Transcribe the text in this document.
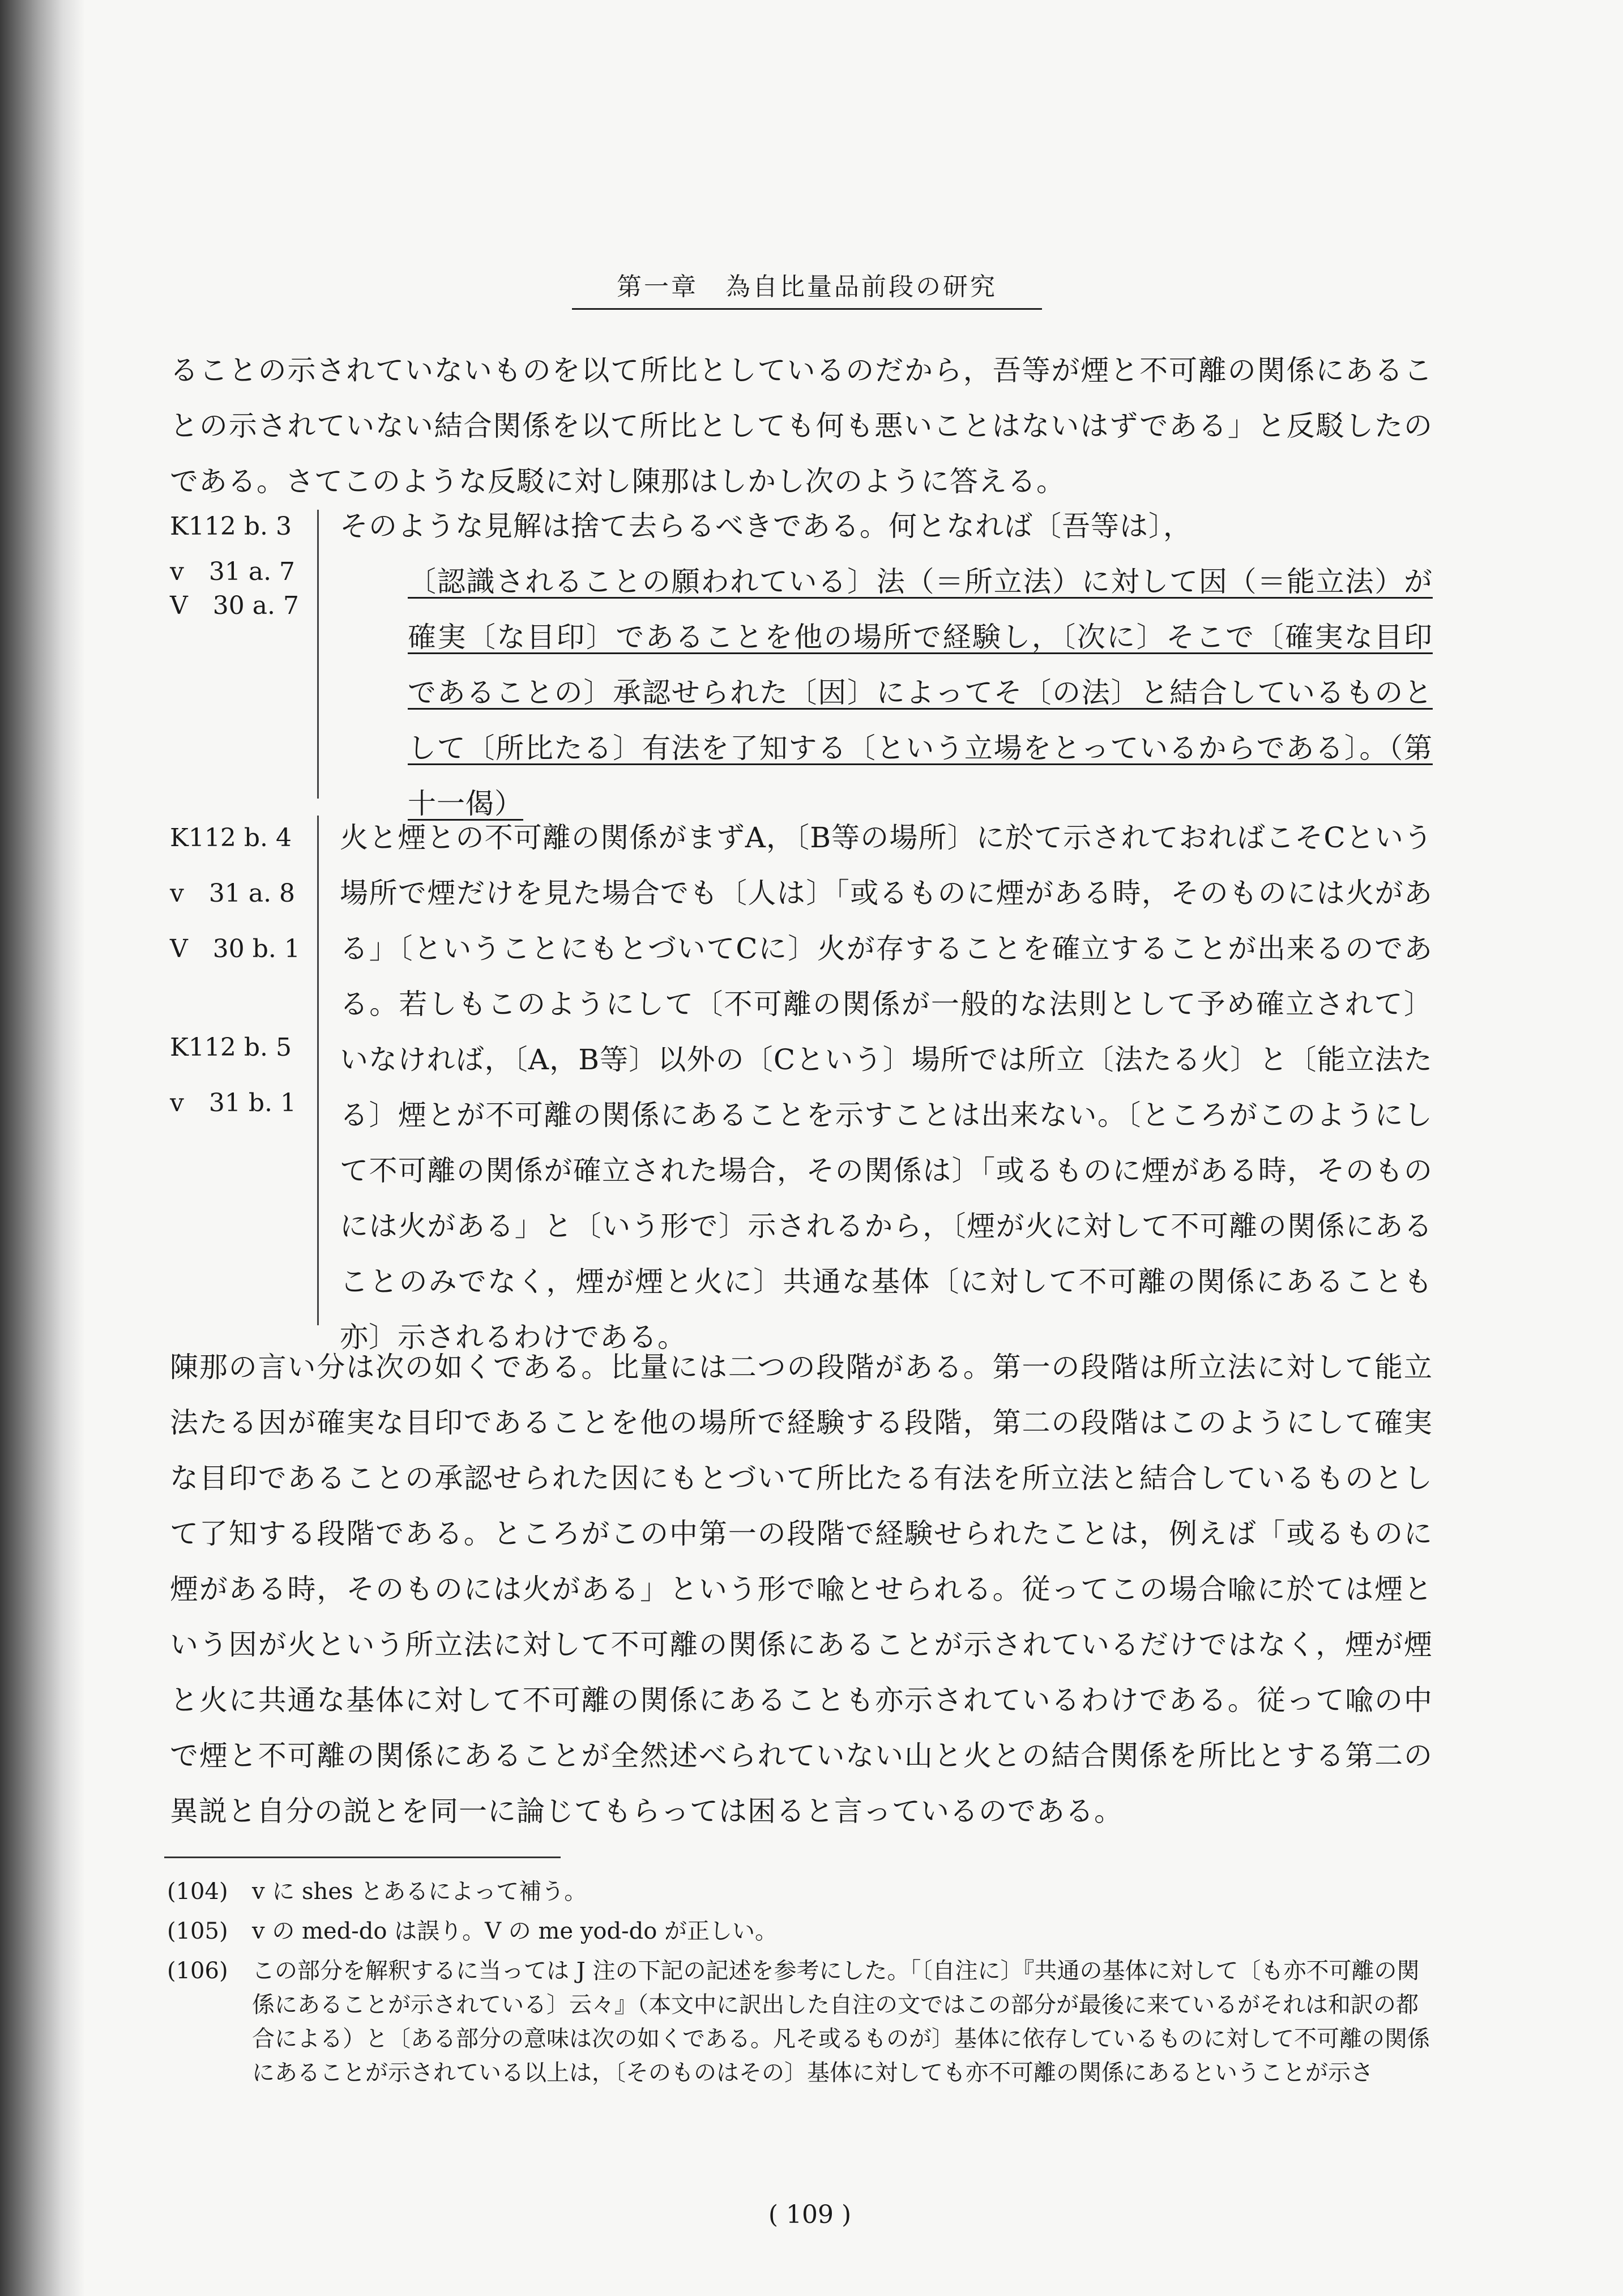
第一章　為自比量品前段の研究

ることの示されていないものを以て所比としているのだから，吾等が煙と不可離の関係にあることの示されていない結合関係を以て所比としても何も悪いことはないはずである」と反駁したのである。さてこのような反駁に対し陳那はしかし次のように答える。

K112 b. 3
v　31 a. 7
V　30 a. 7

そのような見解は捨て去らるべきである。何となれば〔吾等は〕，

〔認識されることの願われている〕法（＝所立法）に対して因（＝能立法）が確実〔な目印〕であることを他の場所で経験し，〔次に〕そこで〔確実な目印であることの〕承認せられた〔因〕によってそ〔の法〕と結合しているものとして〔所比たる〕有法を了知する〔という立場をとっているからである〕。（第十一偈）

K112 b. 4
v　31 a. 8
V　30 b. 1
K112 b. 5
v　31 b. 1

火と煙との不可離の関係がまずA，〔B等の場所〕に於て示されておればこそCという場所で煙だけを見た場合でも〔人は〕「或るものに煙がある時，そのものには火がある」〔ということにもとづいてCに〕火が存することを確立することが出来るのである。若しもこのようにして〔不可離の関係が一般的な法則として予め確立されて〕いなければ，〔A，B等〕以外の〔Cという〕場所では所立〔法たる火〕と〔能立法たる〕煙とが不可離の関係にあることを示すことは出来ない。〔ところがこのようにして不可離の関係が確立された場合，その関係は〕「或るものに煙がある時，そのものには火がある」と〔いう形で〕示されるから，〔煙が火に対して不可離の関係にあることのみでなく，煙が煙と火に〕共通な基体〔に対して不可離の関係にあることも亦〕示されるわけである。

陳那の言い分は次の如くである。比量には二つの段階がある。第一の段階は所立法に対して能立法たる因が確実な目印であることを他の場所で経験する段階，第二の段階はこのようにして確実な目印であることの承認せられた因にもとづいて所比たる有法を所立法と結合しているものとして了知する段階である。ところがこの中第一の段階で経験せられたことは，例えば「或るものに煙がある時，そのものには火がある」という形で喩とせられる。従ってこの場合喩に於ては煙という因が火という所立法に対して不可離の関係にあることが示されているだけではなく，煙が煙と火に共通な基体に対して不可離の関係にあることも亦示されているわけである。従って喩の中で煙と不可離の関係にあることが全然述べられていない山と火との結合関係を所比とする第二の異説と自分の説とを同一に論じてもらっては困ると言っているのである。

(104) v に shes とあるによって補う。
(105) v の med-do は誤り。V の me yod-do が正しい。
(106) この部分を解釈するに当っては J 注の下記の記述を参考にした。「〔自注に〕『共通の基体に対して〔も亦不可離の関係にあることが示されている〕云々』（本文中に訳出した自注の文ではこの部分が最後に来ているがそれは和訳の都合による）と〔ある部分の意味は次の如くである。凡そ或るものが〕基体に依存しているものに対して不可離の関係にあることが示されている以上は，〔そのものはその〕基体に対しても亦不可離の関係にあるということが示さ
( 109 )
